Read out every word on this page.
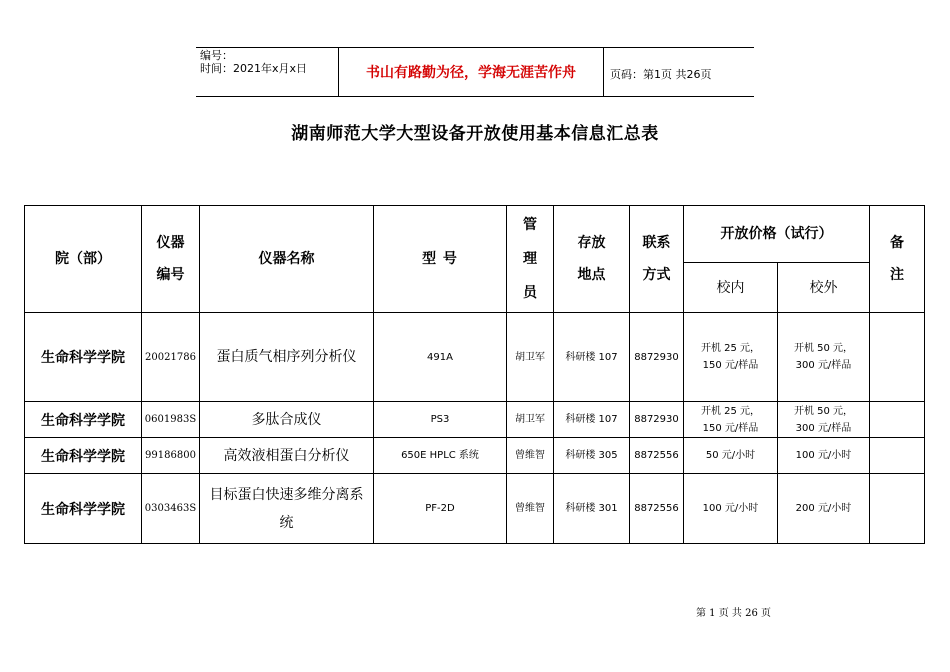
编号：
时间：2021年x月x日	书山有路勤为径，学海无涯苦作舟	页码：第1页 共26页
湖南师范大学大型设备开放使用基本信息汇总表
院（部）	仪器编号	仪器名称	型 号	管理员	存放地点	联系方式	开放价格（试行）		备注

							校内	校外	
生命科学学院	20021786	蛋白质气相序列分析仪	491A	胡卫军	科研楼 107	8872930	开机 25 元，150 元/样品	开机 50 元，300 元/样品	

生命科学学院	0601983S	多肽合成仪	PS3	胡卫军	科研楼 107	8872930	开机 25 元，150 元/样品	开机 50 元，300 元/样品	

生命科学学院	99186800	高效液相蛋白分析仪	650E HPLC 系统	曾维智	科研楼 305	8872556	50 元/小时	100 元/小时	
生命科学学院	0303463S	目标蛋白快速多维分离系统	PF-2D	曾维智	科研楼 301	8872556	100 元/小时	200 元/小时	
第 1 页 共 26 页
